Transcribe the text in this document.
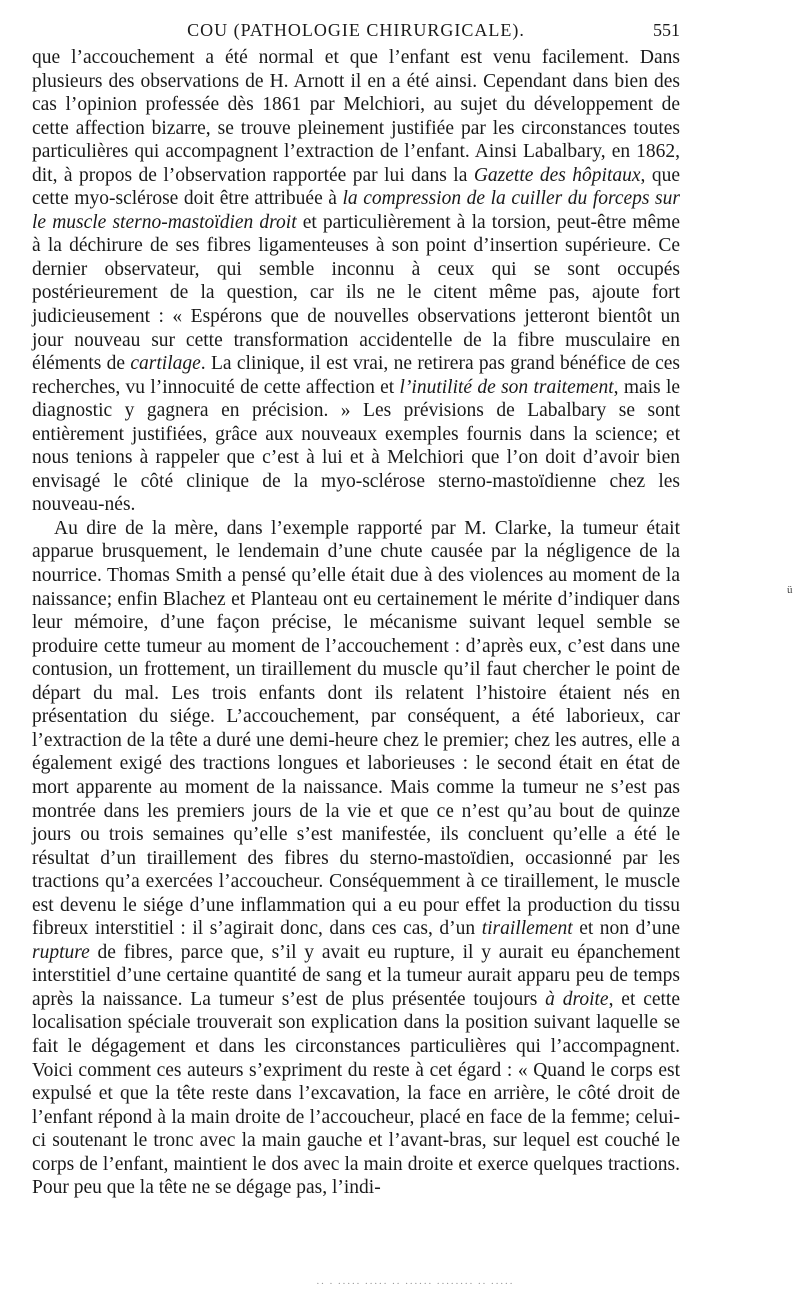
COU (PATHOLOGIE CHIRURGICALE).	551

que l’accouchement a été normal et que l’enfant est venu facilement. Dans plusieurs des observations de H. Arnott il en a été ainsi. Cependant dans bien des cas l’opinion professée dès 1861 par Melchiori, au sujet du développement de cette affection bizarre, se trouve pleinement justifiée par les circonstances toutes particulières qui accompagnent l’extraction de l’enfant. Ainsi Labalbary, en 1862, dit, à propos de l’observation rapportée par lui dans la Gazette des hôpitaux, que cette myo-sclérose doit être attribuée à la compression de la cuiller du forceps sur le muscle sterno-mastoïdien droit et particulièrement à la torsion, peut-être même à la déchirure de ses fibres ligamenteuses à son point d’insertion supérieure. Ce dernier observateur, qui semble inconnu à ceux qui se sont occupés postérieurement de la question, car ils ne le citent même pas, ajoute fort judicieusement : « Espérons que de nouvelles observations jetteront bientôt un jour nouveau sur cette transformation accidentelle de la fibre musculaire en éléments de cartilage. La clinique, il est vrai, ne retirera pas grand bénéfice de ces recherches, vu l’innocuité de cette affection et l’inutilité de son traitement, mais le diagnostic y gagnera en précision. » Les prévisions de Labalbary se sont entièrement justifiées, grâce aux nouveaux exemples fournis dans la science; et nous tenions à rappeler que c’est à lui et à Melchiori que l’on doit d’avoir bien envisagé le côté clinique de la myo-sclérose sterno-mastoïdienne chez les nouveau-nés.

Au dire de la mère, dans l’exemple rapporté par M. Clarke, la tumeur était apparue brusquement, le lendemain d’une chute causée par la négligence de la nourrice. Thomas Smith a pensé qu’elle était due à des violences au moment de la naissance; enfin Blachez et Planteau ont eu certainement le mérite d’indiquer dans leur mémoire, d’une façon précise, le mécanisme suivant lequel semble se produire cette tumeur au moment de l’accouchement : d’après eux, c’est dans une contusion, un frottement, un tiraillement du muscle qu’il faut chercher le point de départ du mal. Les trois enfants dont ils relatent l’histoire étaient nés en présentation du siége. L’accouchement, par conséquent, a été laborieux, car l’extraction de la tête a duré une demi-heure chez le premier; chez les autres, elle a également exigé des tractions longues et laborieuses : le second était en état de mort apparente au moment de la naissance. Mais comme la tumeur ne s’est pas montrée dans les premiers jours de la vie et que ce n’est qu’au bout de quinze jours ou trois semaines qu’elle s’est manifestée, ils concluent qu’elle a été le résultat d’un tiraillement des fibres du sterno-mastoïdien, occasionné par les tractions qu’a exercées l’accoucheur. Conséquemment à ce tiraillement, le muscle est devenu le siége d’une inflammation qui a eu pour effet la production du tissu fibreux interstitiel : il s’agirait donc, dans ces cas, d’un tiraillement et non d’une rupture de fibres, parce que, s’il y avait eu rupture, il y aurait eu épanchement interstitiel d’une certaine quantité de sang et la tumeur aurait apparu peu de temps après la naissance. La tumeur s’est de plus présentée toujours à droite, et cette localisation spéciale trouverait son explication dans la position suivant laquelle se fait le dégagement et dans les circonstances particulières qui l’accompagnent. Voici comment ces auteurs s’expriment du reste à cet égard : « Quand le corps est expulsé et que la tête reste dans l’excavation, la face en arrière, le côté droit de l’enfant répond à la main droite de l’accoucheur, placé en face de la femme; celui-ci soutenant le tronc avec la main gauche et l’avant-bras, sur lequel est couché le corps de l’enfant, maintient le dos avec la main droite et exerce quelques tractions. Pour peu que la tête ne se dégage pas, l’indi-

ü
·· · ····· ····· ·· ······ ········ ·· ·····
